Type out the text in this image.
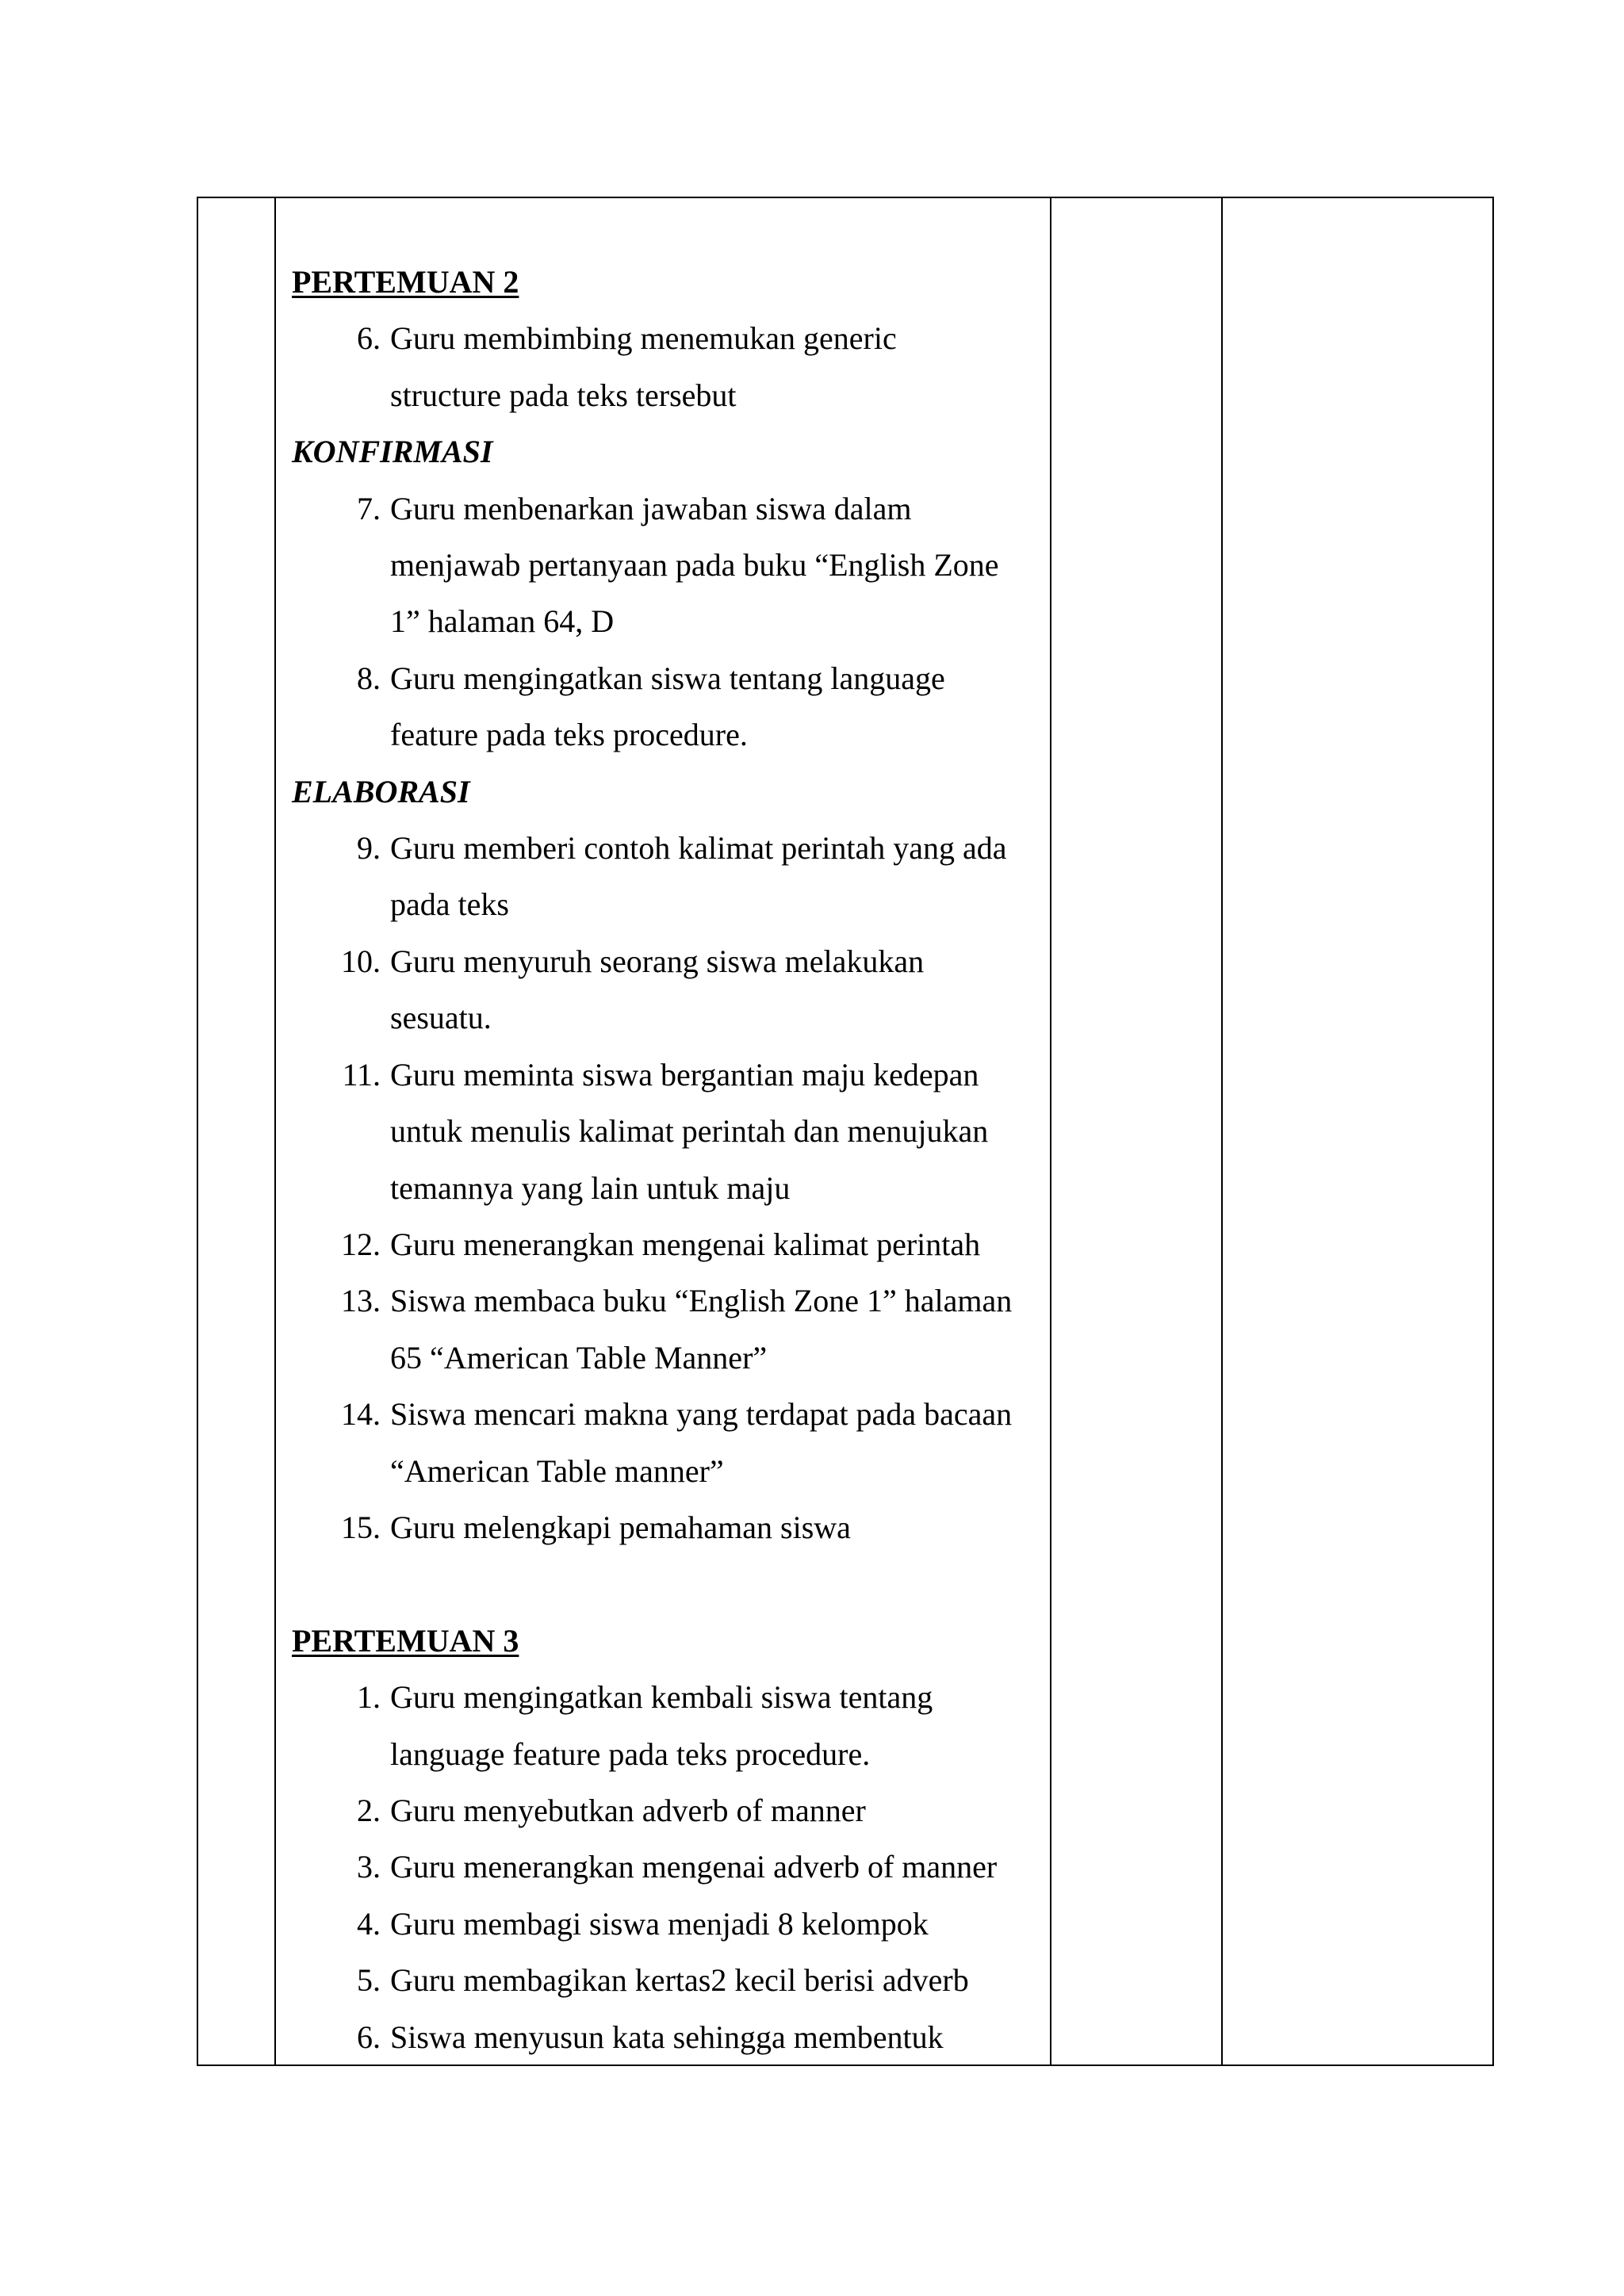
PERTEMUAN 2
6. Guru membimbing menemukan generic
structure pada teks tersebut
KONFIRMASI
7. Guru menbenarkan jawaban siswa dalam
menjawab pertanyaan pada buku “English Zone
1” halaman 64, D
8. Guru mengingatkan siswa tentang language
feature pada teks procedure.
ELABORASI
9. Guru memberi contoh kalimat perintah yang ada
pada teks
10. Guru menyuruh seorang siswa melakukan
sesuatu.
11. Guru meminta siswa bergantian maju kedepan
untuk menulis kalimat perintah dan menujukan
temannya yang lain untuk maju
12. Guru menerangkan mengenai kalimat perintah
13. Siswa membaca buku “English Zone 1” halaman
65 “American Table Manner”
14. Siswa mencari makna yang terdapat pada bacaan
“American Table manner”
15. Guru melengkapi pemahaman siswa
PERTEMUAN 3
1. Guru mengingatkan kembali siswa tentang
language feature pada teks procedure.
2. Guru menyebutkan adverb of manner
3. Guru menerangkan mengenai adverb of manner
4. Guru membagi siswa menjadi 8 kelompok
5. Guru membagikan kertas2 kecil berisi adverb
6. Siswa menyusun kata sehingga membentuk
